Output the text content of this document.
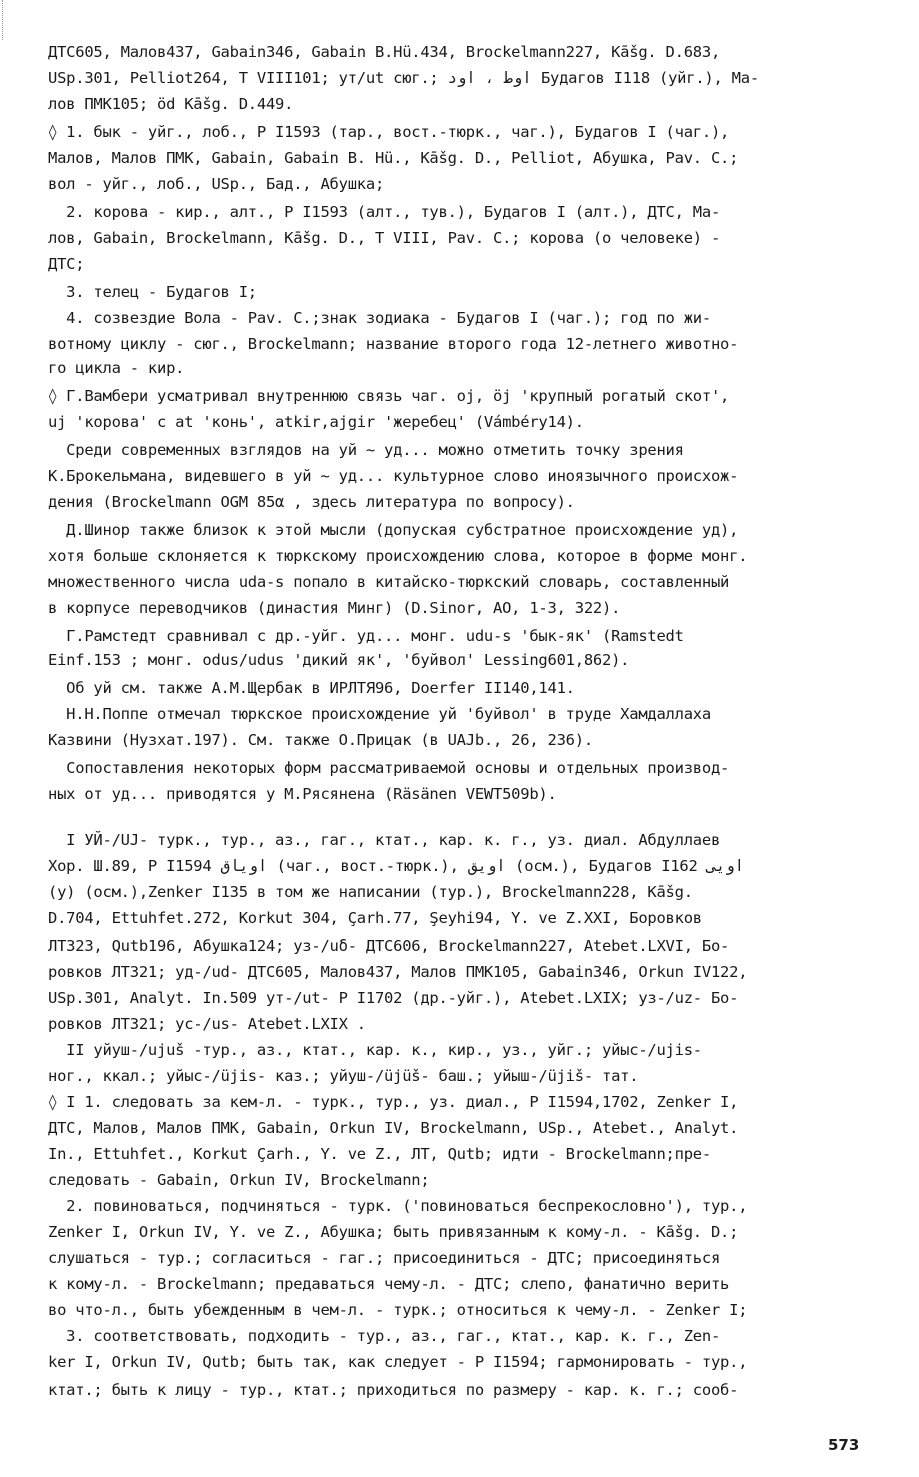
ДТС605, Малов437, Gabain346, Gabain В.Hü.434, Brockelmann227, Kāšg. D.683,
USp.301, Pelliot264, T VIII101; ут/ut сюг.; اوط ، اود Будагов I118 (уйг.), Ма-
лов ПМК105; öd Kāšg. D.449.
◊ 1. бык - уйг., лоб., Р I1593 (тар., вост.-тюрк., чаг.), Будагов I (чаг.),
Малов, Малов ПМК, Gabain, Gabain В. Hü., Kāšg. D., Pelliot, Абушка, Pav. C.;
вол - уйг., лоб., USp., Бад., Абушка;
2. корова - кир., алт., Р I1593 (алт., тув.), Будагов I (алт.), ДТС, Ма-
лов, Gabain, Brockelmann, Kāšg. D., T VIII, Pav. C.; корова (о человеке) -
ДТС;
3. телец - Будагов I;
4. созвездие Вола - Pav. C.;знак зодиака - Будагов I (чаг.); год по жи-
вотному циклу - сюг., Brockelmann; название второго года 12-летнего животно-
го цикла - кир.
◊ Г.Вамбери усматривал внутреннюю связь чаг. oj, öj 'крупный рогатый скот',
uj 'корова' с at 'конь', atkir,ajgir 'жеребец' (Vámbéry14).
Среди современных взглядов на уй ~ уд... можно отметить точку зрения
К.Брокельмана, видевшего в уй ~ уд... культурное слово иноязычного происхож-
дения (Brockelmann OGM 85α , здесь литература по вопросу).
Д.Шинор также близок к этой мысли (допуская субстратное происхождение уд),
хотя больше склоняется к тюркскому происхождению слова, которое в форме монг.
множественного числа uda-s попало в китайско-тюркский словарь, составленный
в корпусе переводчиков (династия Минг) (D.Sinor, AO, 1-3, 322).
Г.Рамстедт сравнивал с др.-уйг. уд... монг. udu-s 'бык-як' (Ramstedt
Einf.153 ; монг. odus/udus 'дикий як', 'буйвол' Lessing601,862).
Об уй см. также А.М.Щербак в ИРЛТЯ96, Doerfer II140,141.
Н.Н.Поппе отмечал тюркское происхождение уй 'буйвол' в труде Хамдаллаха
Казвини (Нузхат.197). См. также О.Прицак (в UAJb., 26, 236).
Сопоставления некоторых форм рассматриваемой основы и отдельных производ-
ных от уд... приводятся у М.Рясянена (Räsänen VEWT509b).
I УЙ-/UJ- турк., тур., аз., гаг., ктат., кар. к. г., уз. диал. Абдуллаев
Хор. Ш.89, Р I1594 اویاق (чаг., вост.-тюрк.), اویق (осм.), Будагов I162 اویی
(у) (осм.),Zenker I135 в том же написании (тур.), Brockelmann228, Kāšg.
D.704, Ettuhfet.272, Korkut 304, Çarh.77, Şeyhi94, Y. ve Z.XXI, Боровков
ЛТ323, Qutb196, Абушка124; уз-/uδ- ДТС606, Brockelmann227, Atebet.LXVI, Бо-
ровков ЛТ321; уд-/ud- ДТС605, Малов437, Малов ПМК105, Gabain346, Orkun IV122,
USp.301, Analyt. In.509 ут-/ut- Р I1702 (др.-уйг.), Atebet.LXIX; уз-/uz- Бо-
ровков ЛТ321; ус-/us- Atebet.LXIX .
II уйуш-/ujuš -тур., аз., ктат., кар. к., кир., уз., уйг.; уйыс-/ujis-
ног., ккал.; уйыс-/üjis- каз.; уйуш-/üjüš- баш.; уйыш-/üjiš- тат.
◊ I 1. следовать за кем-л. - турк., тур., уз. диал., Р I1594,1702, Zenker I,
ДТС, Малов, Малов ПМК, Gabain, Orkun IV, Brockelmann, USp., Atebet., Analyt.
In., Ettuhfet., Korkut Çarh., Y. ve Z., ЛТ, Qutb; идти - Brockelmann;пре-
следовать - Gabain, Orkun IV, Brockelmann;
2. повиноваться, подчиняться - турк. ('повиноваться беспрекословно'), тур.,
Zenker I, Orkun IV, Y. ve Z., Абушка; быть привязанным к кому-л. - Kāšg. D.;
слушаться - тур.; согласиться - гаг.; присоединиться - ДТС; присоединяться
к кому-л. - Brockelmann; предаваться чему-л. - ДТС; слепо, фанатично верить
во что-л., быть убежденным в чем-л. - турк.; относиться к чему-л. - Zenker I;
3. соответствовать, подходить - тур., аз., гаг., ктат., кар. к. г., Zen-
ker I, Orkun IV, Qutb; быть так, как следует - Р I1594; гармонировать - тур.,
ктат.; быть к лицу - тур., ктат.; приходиться по размеру - кар. к. г.; сооб-
573
